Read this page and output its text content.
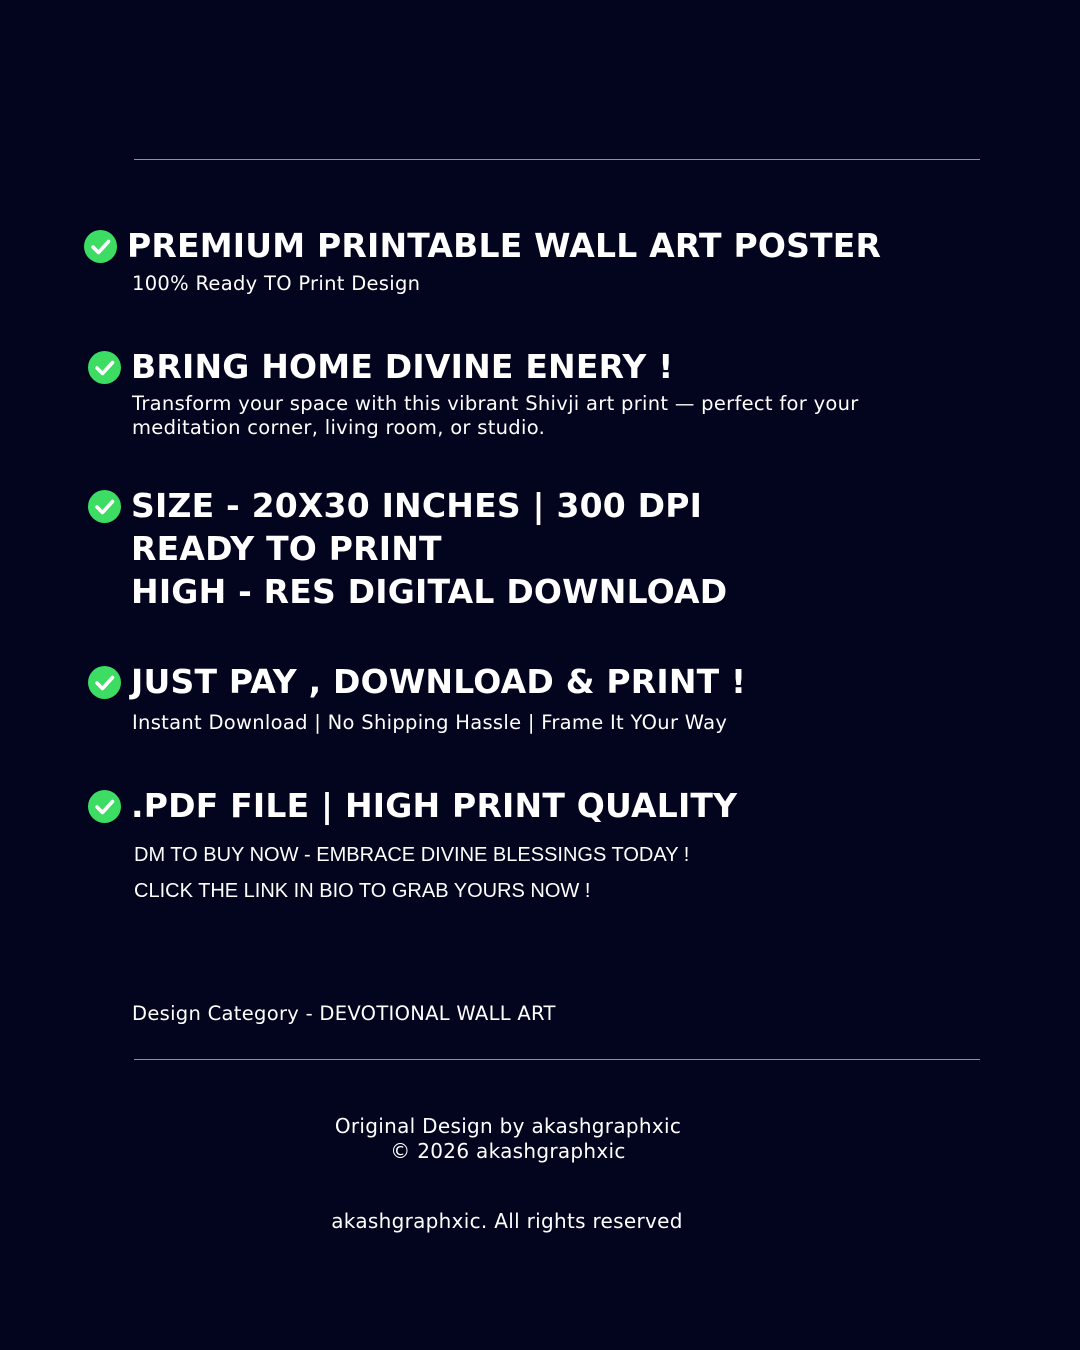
PREMIUM PRINTABLE WALL ART POSTER
100% Ready TO Print Design
BRING HOME DIVINE ENERY !
Transform your space with this vibrant Shivji art print — perfect for your
meditation corner, living room, or studio.
SIZE - 20X30 INCHES | 300 DPI
READY TO PRINT
HIGH - RES DIGITAL DOWNLOAD
JUST PAY , DOWNLOAD & PRINT !
Instant Download | No Shipping Hassle | Frame It YOur Way
.PDF FILE | HIGH PRINT QUALITY
DM TO BUY NOW - EMBRACE DIVINE BLESSINGS TODAY !
CLICK THE LINK IN BIO TO GRAB YOURS NOW !
Design Category - DEVOTIONAL WALL ART
Original Design by akashgraphxic
© 2026 akashgraphxic
akashgraphxic. All rights reserved
